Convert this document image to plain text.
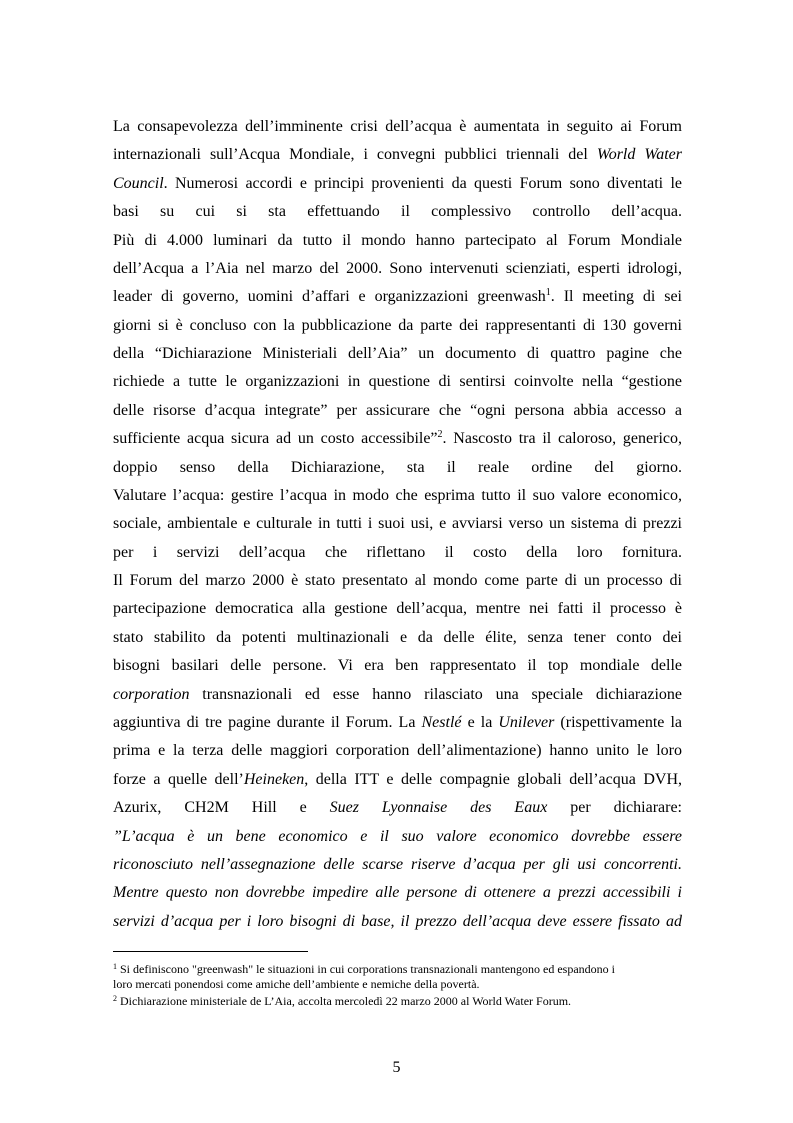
La consapevolezza dell’imminente crisi dell’acqua è aumentata in seguito ai Forum
internazionali sull’Acqua Mondiale, i convegni pubblici triennali del World Water
Council. Numerosi accordi e principi provenienti da questi Forum sono diventati le
basi su cui si sta effettuando il complessivo controllo dell’acqua.
Più di 4.000 luminari da tutto il mondo hanno partecipato al Forum Mondiale
dell’Acqua a l’Aia nel marzo del 2000. Sono intervenuti scienziati, esperti idrologi,
leader di governo, uomini d’affari e organizzazioni greenwash$^1$. Il meeting di sei
giorni si è concluso con la pubblicazione da parte dei rappresentanti di 130 governi
della “Dichiarazione Ministeriali dell’Aia” un documento di quattro pagine che
richiede a tutte le organizzazioni in questione di sentirsi coinvolte nella “gestione
delle risorse d’acqua integrate” per assicurare che “ogni persona abbia accesso a
sufficiente acqua sicura ad un costo accessibile”$^2$. Nascosto tra il caloroso, generico,
doppio senso della Dichiarazione, sta il reale ordine del giorno.
Valutare l’acqua: gestire l’acqua in modo che esprima tutto il suo valore economico,
sociale, ambientale e culturale in tutti i suoi usi, e avviarsi verso un sistema di prezzi
per i servizi dell’acqua che riflettano il costo della loro fornitura.
Il Forum del marzo 2000 è stato presentato al mondo come parte di un processo di
partecipazione democratica alla gestione dell’acqua, mentre nei fatti il processo è
stato stabilito da potenti multinazionali e da delle élite, senza tener conto dei
bisogni basilari delle persone. Vi era ben rappresentato il top mondiale delle
corporation transnazionali ed esse hanno rilasciato una speciale dichiarazione
aggiuntiva di tre pagine durante il Forum. La Nestlé e la Unilever (rispettivamente la
prima e la terza delle maggiori corporation dell’alimentazione) hanno unito le loro
forze a quelle dell’Heineken, della ITT e delle compagnie globali dell’acqua DVH,
Azurix, CH2M Hill e Suez Lyonnaise des Eaux per dichiarare:
”L’acqua è un bene economico e il suo valore economico dovrebbe essere
riconosciuto nell’assegnazione delle scarse riserve d’acqua per gli usi concorrenti.
Mentre questo non dovrebbe impedire alle persone di ottenere a prezzi accessibili i
servizi d’acqua per i loro bisogni di base, il prezzo dell’acqua deve essere fissato ad
$^1$ Si definiscono "greenwash" le situazioni in cui corporations transnazionali mantengono ed espandono i
loro mercati ponendosi come amiche dell’ambiente e nemiche della povertà.
$^2$ Dichiarazione ministeriale de L’Aia, accolta mercoledì 22 marzo 2000 al World Water Forum.
5
